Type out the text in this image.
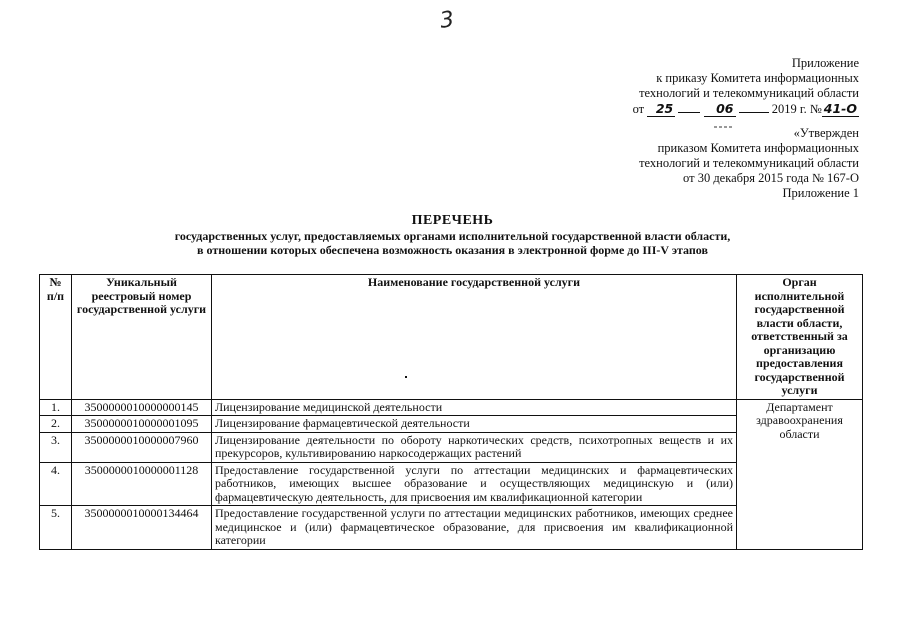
3
Приложение
к приказу Комитета информационных
технологий и телекоммуникаций области
от 25	06	2019 г. № 41-О
«Утвержден
приказом Комитета информационных
технологий и телекоммуникаций области
от 30 декабря 2015 года № 167-О
Приложение 1
ПЕРЕЧЕНЬ
государственных услуг, предоставляемых органами исполнительной государственной власти области,
в отношении которых обеспечена возможность оказания в электронной форме до III-V этапов
№ п/п	Уникальный реестровый номер государственной услуги	Наименование государственной услуги	Орган исполнительной государственной власти области, ответственный за организацию предоставления государственной услуги
1.	3500000010000000145	Лицензирование медицинской деятельности	Департамент здравоохранения области
2.	3500000010000001095	Лицензирование фармацевтической деятельности	
3.	3500000010000007960	Лицензирование деятельности по обороту наркотических средств, психотропных веществ и их прекурсоров, культивированию наркосодержащих растений	
4.	3500000010000001128	Предоставление государственной услуги по аттестации медицинских и фармацевтических работников, имеющих высшее образование и осуществляющих медицинскую и (или) фармацевтическую деятельность, для присвоения им квалификационной категории	
5.	3500000010000134464	Предоставление государственной услуги по аттестации медицинских работников, имеющих среднее медицинское и (или) фармацевтическое образование, для присвоения им квалификационной категории	
